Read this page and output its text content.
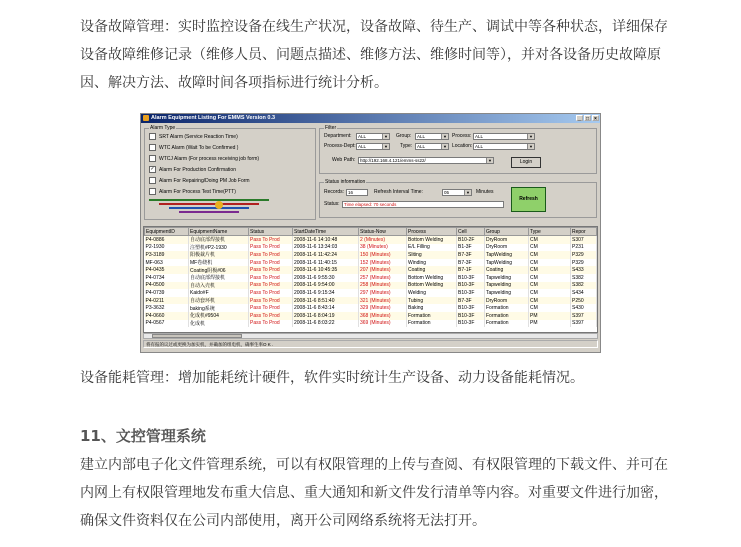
设备故障管理：实时监控设备在线生产状况，设备故障、待生产、调试中等各种状态，详细保存设备故障维修记录（维修人员、问题点描述、维修方法、维修时间等），并对各设备历史故障原因、解决方法、故障时间各项指标进行统计分析。
Alarm Equipment Listing For EMMS Version 0.3	_	□	×
Alarm Type
SRT Alarm (Service Reaction Time)
WTC Alarm (Wait To be Confirmed )
WTCJ Alarm (For process receiving job form)
✓ Alarm For Production Confirmation
Alarm For Repairing/Doing PM Job Form
Alarm For Process Test Time(PTT)
Filter
Department:	ALL	▼ Group:	ALL	▼ Process: ALL	▼
Process-Dept: ALL	▼ Type:	ALL	▼ Location: ALL	▼
Web Path:	http://192.168.4.121/emms-ss22/	▼	Login
Status information
Records: 16	Refresh Interval Time:	05	▼ Minutes
Status: Time elapsed: 70 seconds
Refresh
EquipmentID	EquipmentName	Status	StartDateTime	Status-Now	Process	Cell	Group	Type	Repor
P4-0886	自动底部焊接机	Pass To Prod	2008-11-6 14:10:48	2 (Minutes)	Bottom Welding	B10-2F	DryRoom	CM	S307
P2-1930	注塑机#P2-1930	Pass To Prod	2008-11-6 13:34:03	38 (Minutes)	E/L Filling	B1-3F	DryRoom	CM	P231
P3-3189	阳极裁片机	Pass To Prod	2008-11-6 11:42:24	150 (Minutes)	Sliting	B7-3F	TapWelding	CM	P329
MF-063	MF卷绕机	Pass To Prod	2008-11-6 11:40:15	152 (Minutes)	Winding	B7-3F	TapWelding	CM	P329
P4-0435	Coating阴极#06	Pass To Prod	2008-11-6 10:45:35	207 (Minutes)	Coating	B7-1F	Coating	CM	S433
P4-0734	自动底部焊接机	Pass To Prod	2008-11-6 9:55:30	257 (Minutes)	Bottom Welding	B10-3F	Tapwelding	CM	S382
P4-0500	自动入壳机	Pass To Prod	2008-11-6 9:54:00	258 (Minutes)	Bottom Welding	B10-3F	Tapwelding	CM	S382
P4-0739	Kaido#F	Pass To Prod	2008-11-6 9:15:34	297 (Minutes)	Welding	B10-3F	Tapwelding	CM	S434
P4-0211	自动套环机	Pass To Prod	2008-11-6 8:51:40	321 (Minutes)	Tubing	B7-3F	DryRoom	CM	P250
P3-3632	baking系统	Pass To Prod	2008-11-6 8:43:14	329 (Minutes)	Baking	B10-3F	Formation	CM	S430
P4-0660	化成机#9504	Pass To Prod	2008-11-6 8:04:19	368 (Minutes)	Formation	B10-3F	Formation	PM	S397
P4-0567	化成机	Pass To Prod	2008-11-6 8:03:22	369 (Minutes)	Formation	B10-3F	Formation	PM	S397
将有报的议过或更换为加实机，并确加的组电机，确事生率O K .
设备能耗管理：增加能耗统计硬件，软件实时统计生产设备、动力设备能耗情况。
11、文控管理系统
建立内部电子化文件管理系统，可以有权限管理的上传与查阅、有权限管理的下载文件、并可在内网上有权限管理地发布重大信息、重大通知和新文件发行清单等内容。对重要文件进行加密，确保文件资料仅在公司内部使用，离开公司网络系统将无法打开。
